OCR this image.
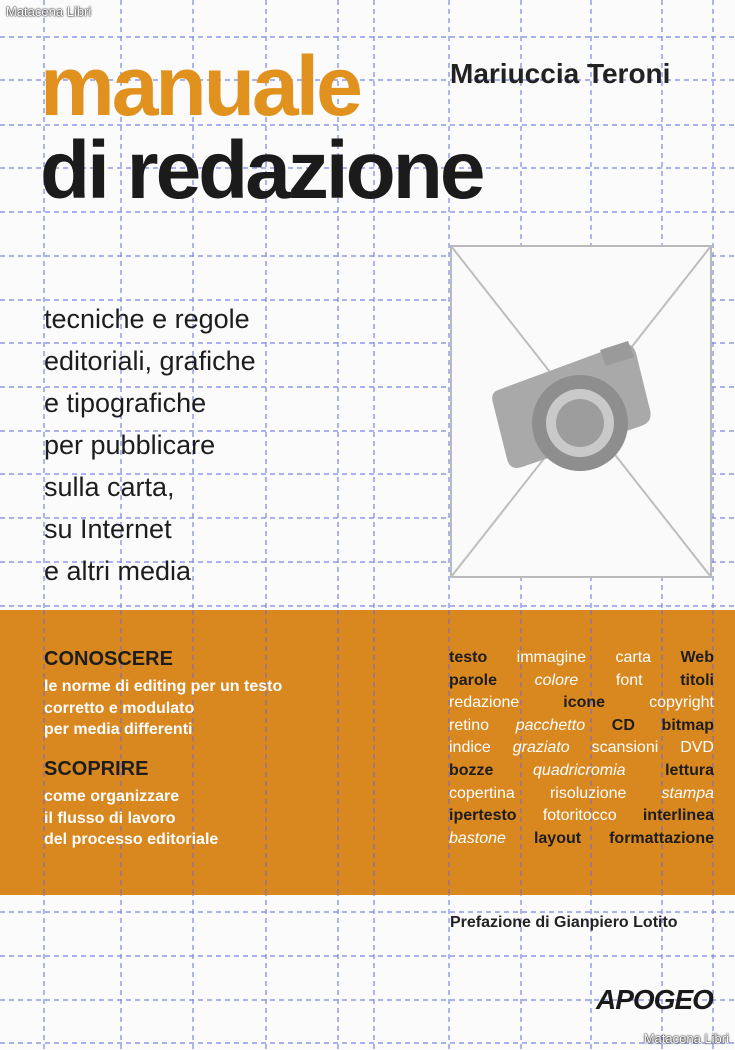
Matacena Libri
manuale
di redazione
Mariuccia Teroni
tecniche e regole
editoriali, grafiche
e tipografiche
per pubblicare
sulla carta,
su Internet
e altri media
CONOSCERE
le norme di editing per un testo
corretto e modulato
per media differenti
SCOPRIRE
come organizzare
il flusso di lavoro
del processo editoriale
testo immagine carta Web
parole colore font titoli
redazione	icone	copyright
retino pacchetto CD bitmap
indice graziato scansioni DVD
bozze quadricromia lettura
copertina risoluzione stampa
ipertesto fotoritocco interlinea
bastone layout formattazione
Prefazione di Gianpiero Lotito
APOGEO
Matacena Libri
